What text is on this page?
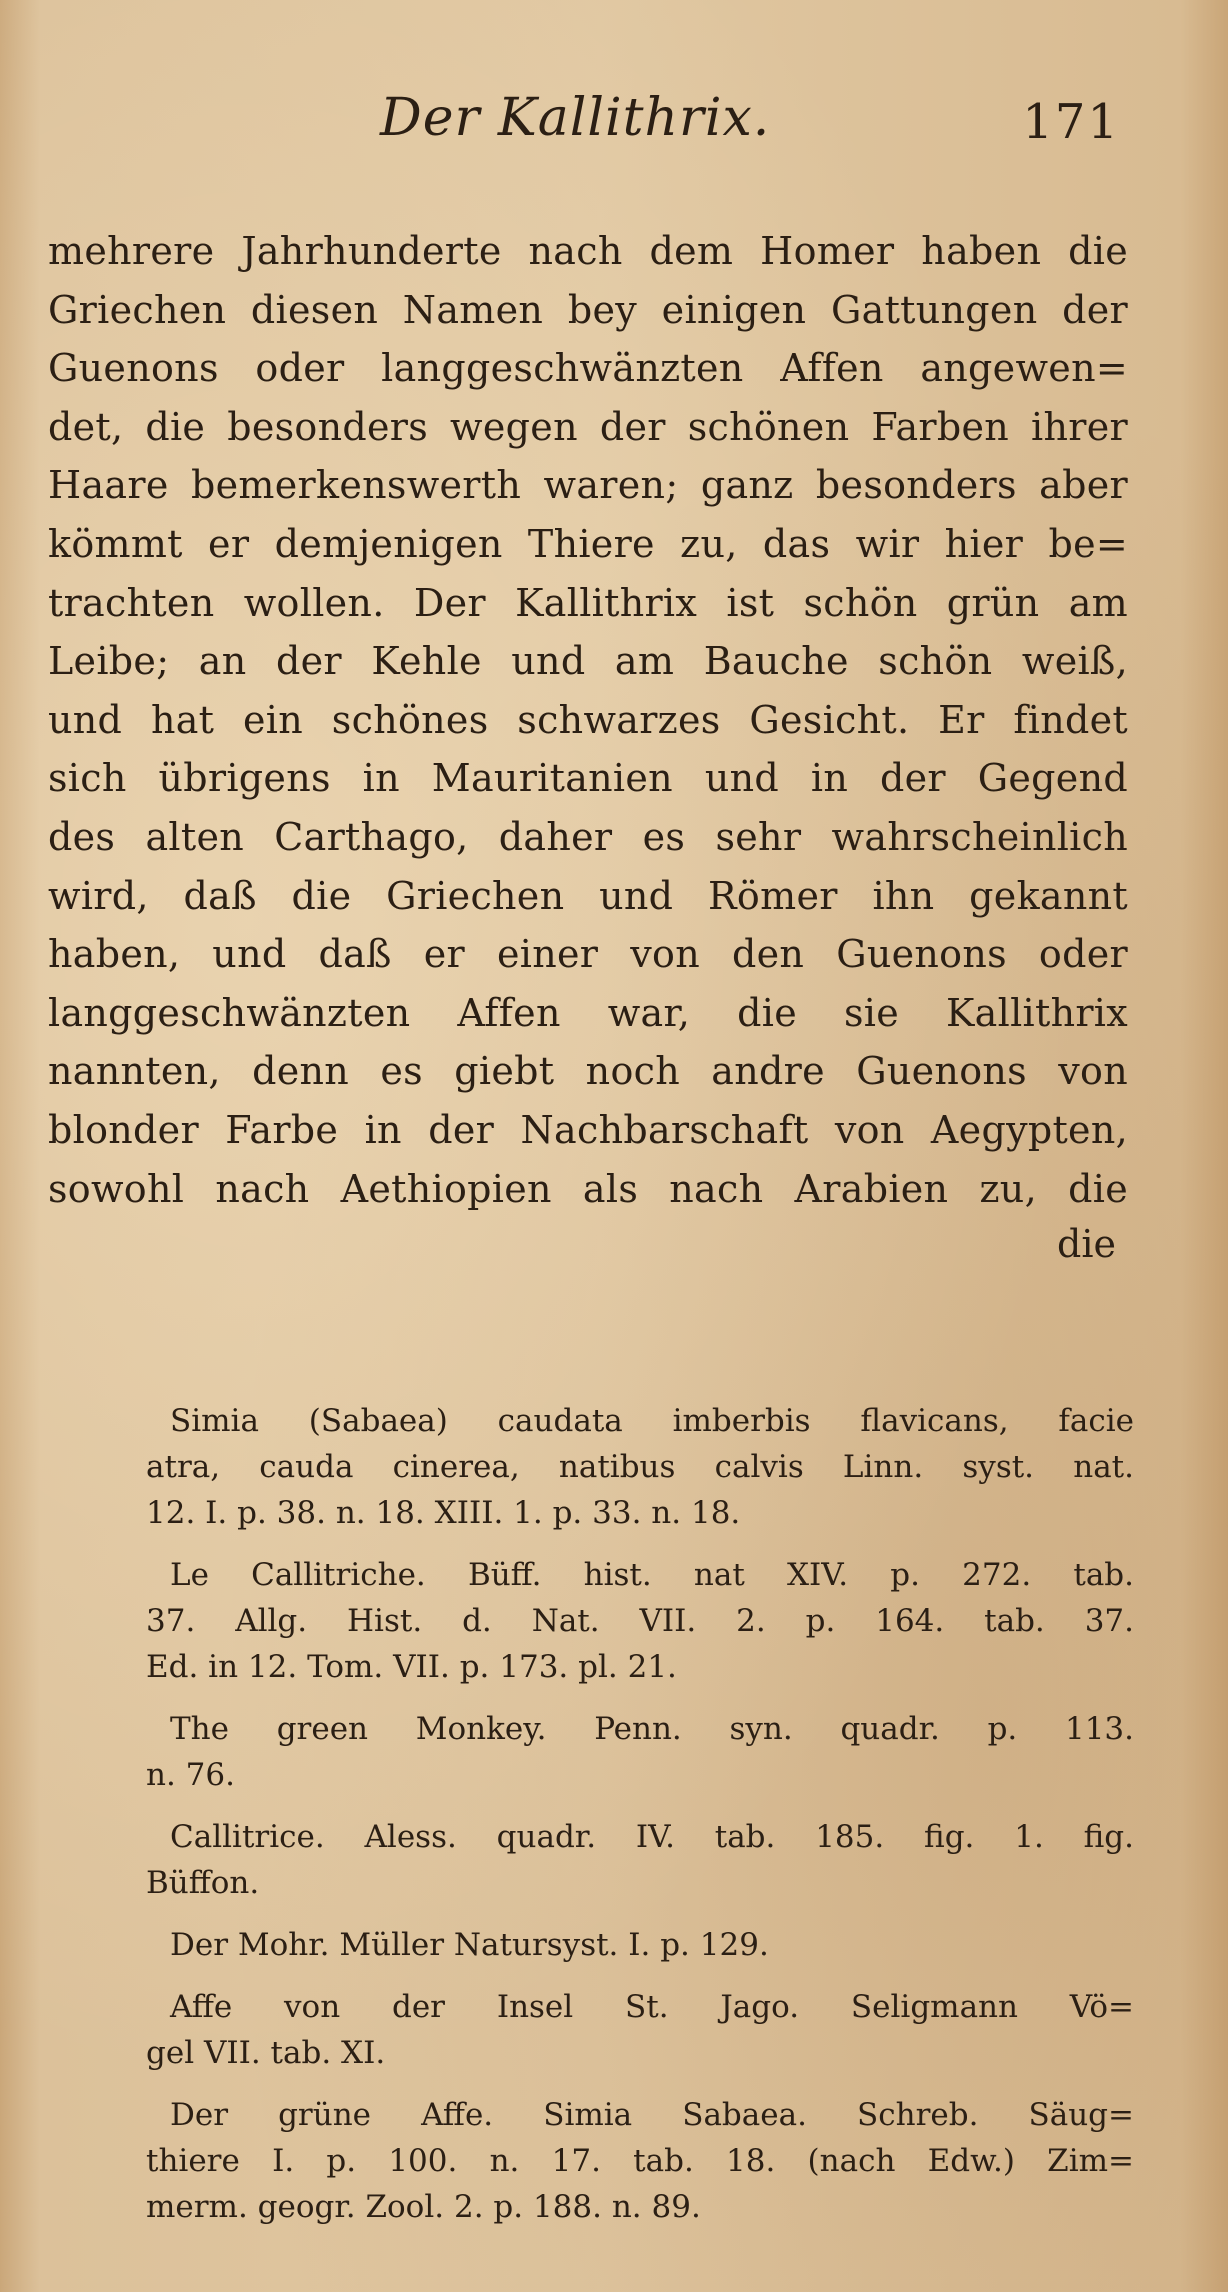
Der Kallithrix.	171
mehrere Jahrhunderte nach dem Homer haben die
Griechen diesen Namen bey einigen Gattungen der
Guenons oder langgeschwänzten Affen angewen=
det, die besonders wegen der schönen Farben ihrer
Haare bemerkenswerth waren; ganz besonders aber
kömmt er demjenigen Thiere zu, das wir hier be=
trachten wollen. Der Kallithrix ist schön grün am
Leibe; an der Kehle und am Bauche schön weiß,
und hat ein schönes schwarzes Gesicht. Er findet
sich übrigens in Mauritanien und in der Gegend
des alten Carthago, daher es sehr wahrscheinlich
wird, daß die Griechen und Römer ihn gekannt
haben, und daß er einer von den Guenons oder
langgeschwänzten Affen war, die sie Kallithrix
nannten, denn es giebt noch andre Guenons von
blonder Farbe in der Nachbarschaft von Aegypten,
sowohl nach Aethiopien als nach Arabien zu, die
die
Simia (Sabaea) caudata imberbis flavicans, facie
atra, cauda cinerea, natibus calvis Linn. syst. nat.
12. I. p. 38. n. 18. XIII. 1. p. 33. n. 18.
Le Callitriche. Büff. hist. nat XIV. p. 272. tab.
37. Allg. Hist. d. Nat. VII. 2. p. 164. tab. 37.
Ed. in 12. Tom. VII. p. 173. pl. 21.
The green Monkey. Penn. syn. quadr. p. 113.
n. 76.
Callitrice. Aless. quadr. IV. tab. 185. fig. 1. fig.
Büffon.
Der Mohr. Müller Natursyst. I. p. 129.
Affe von der Insel St. Jago. Seligmann Vö=
gel VII. tab. XI.
Der grüne Affe. Simia Sabaea. Schreb. Säug=
thiere I. p. 100. n. 17. tab. 18. (nach Edw.) Zim=
merm. geogr. Zool. 2. p. 188. n. 89.
